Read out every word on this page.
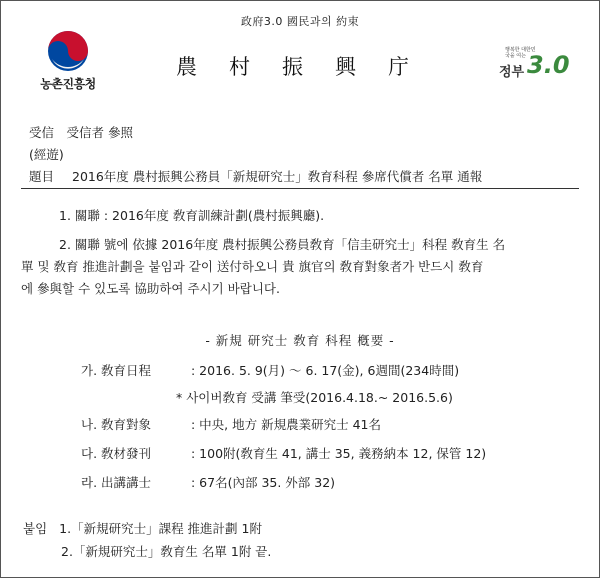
政府3.0 國民과의 約束
농촌진흥청
農村振興庁
행복한 대한민국을 여는
정부 3.0
受信　受信者 參照
(經遊)
題目 2016年度 農村振興公務員「新規研究士」敎育科程 參席代償者 名單 通報
1. 關聯 : 2016年度 敎育訓練計劃(農村振興廳).
2. 關聯 號에 依據 2016年度 農村振興公務員敎育「信圭研究士」科程 敎育生 名
單 및 敎育 推進計劃을 붙임과 같이 送付하오니 貴 旗官의 敎育對象者가 반드시 敎育
에 參與할 수 있도록 協助하여 주시기 바랍니다.
- 新規 研究士 敎育 科程 槪要 -
가. 敎育日程	: 2016. 5. 9(月) ～ 6. 17(金), 6週間(234時間)
* 사이버敎育 受講 筆受(2016.4.18.~ 2016.5.6)
나. 敎育對象	: 中央, 地方 新規農業研究士 41名
다. 敎材發刊	: 100附(敎育生 41, 講士 35, 義務納本 12, 保管 12)
라. 出講講士	: 67名(內部 35. 外部 32)
붙임 1.「新規研究士」課程 推進計劃 1附
2.「新規研究士」敎育生 名單 1附 끝.
